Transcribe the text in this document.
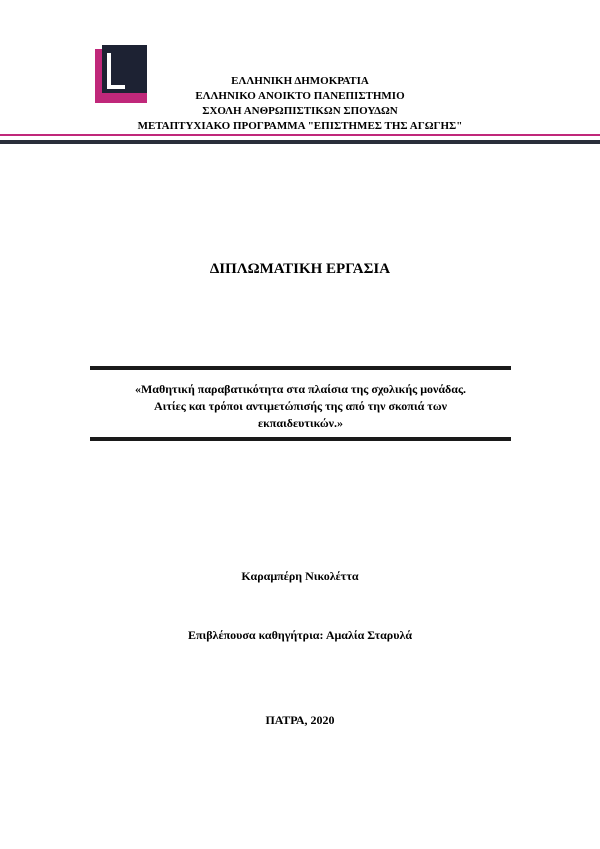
ΕΛΛΗΝΙΚΗ ΔΗΜΟΚΡΑΤΙΑ
ΕΛΛΗΝΙΚΟ ΑΝΟΙΚΤΟ ΠΑΝΕΠΙΣΤΗΜΙΟ
ΣΧΟΛΗ ΑΝΘΡΩΠΙΣΤΙΚΩΝ ΣΠΟΥΔΩΝ
ΜΕΤΑΠΤΥΧΙΑΚΟ ΠΡΟΓΡΑΜΜΑ "ΕΠΙΣΤΗΜΕΣ ΤΗΣ ΑΓΩΓΗΣ"
ΔΙΠΛΩΜΑΤΙΚΗ ΕΡΓΑΣΙΑ
«Μαθητική παραβατικότητα στα πλαίσια της σχολικής μονάδας.
Αιτίες και τρόποι αντιμετώπισής της από την σκοπιά των
εκπαιδευτικών.»
Καραμπέρη Νικολέττα
Επιβλέπουσα καθηγήτρια: Αμαλία Σταρυλά
ΠΑΤΡΑ, 2020
